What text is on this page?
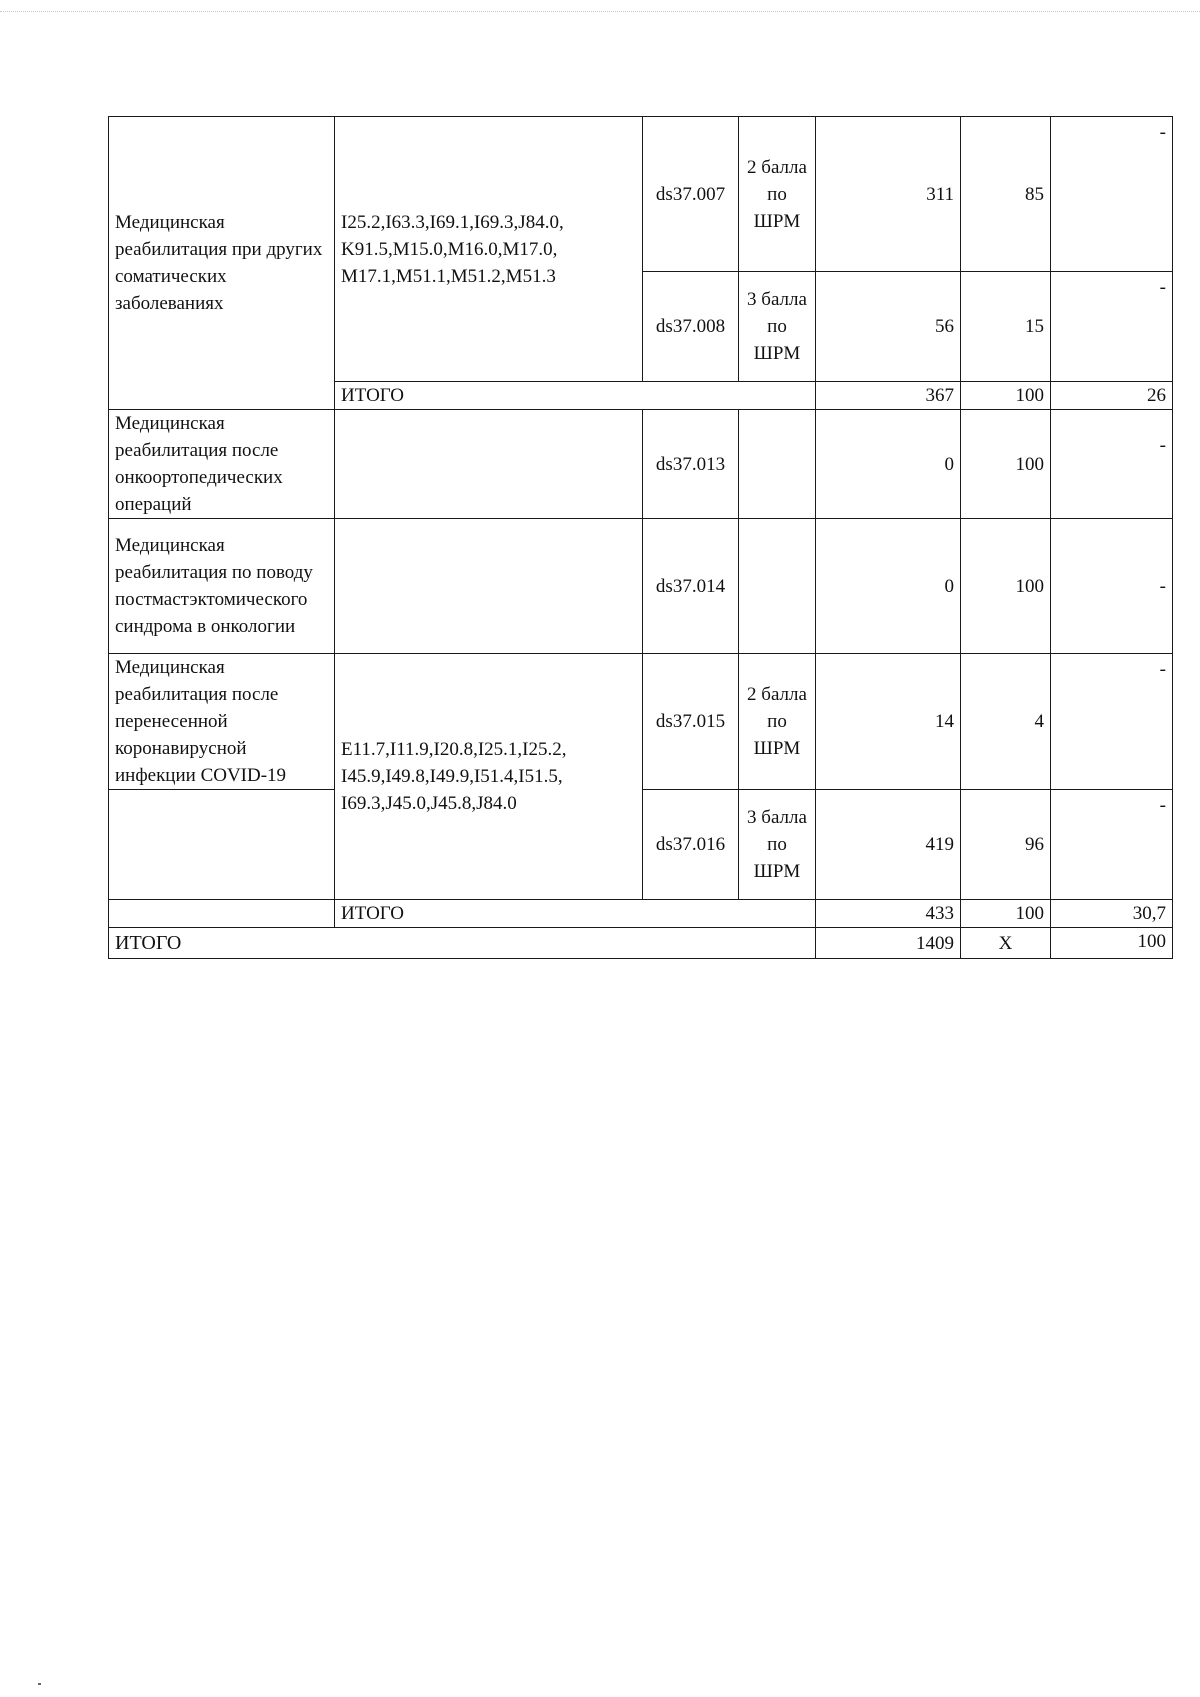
Медицинская реабилитация при других соматических заболеваниях	I25.2,I63.3,I69.1,I69.3,J84.0, K91.5,M15.0,M16.0,M17.0, M17.1,M51.1,M51.2,M51.3	ds37.007	2 балла по ШРМ	311	85	-

		ds37.008	3 балла по ШРМ	56	15	-

	ИТОГО			367	100	26
Медицинская реабилитация после онкоортопедических операций		ds37.013		0	100	-

Медицинская реабилитация по поводу постмастэктомического синдрома в онкологии		ds37.014		0	100	-
Медицинская реабилитация после перенесенной коронавирусной инфекции COVID-19	E11.7,I11.9,I20.8,I25.1,I25.2, I45.9,I49.8,I49.9,I51.4,I51.5, I69.3,J45.0,J45.8,J84.0	ds37.015	2 балла по ШРМ	14	4	-

		ds37.016	3 балла по ШРМ	419	96	-

	ИТОГО			433	100	30,7
ИТОГО				1409	X	100
